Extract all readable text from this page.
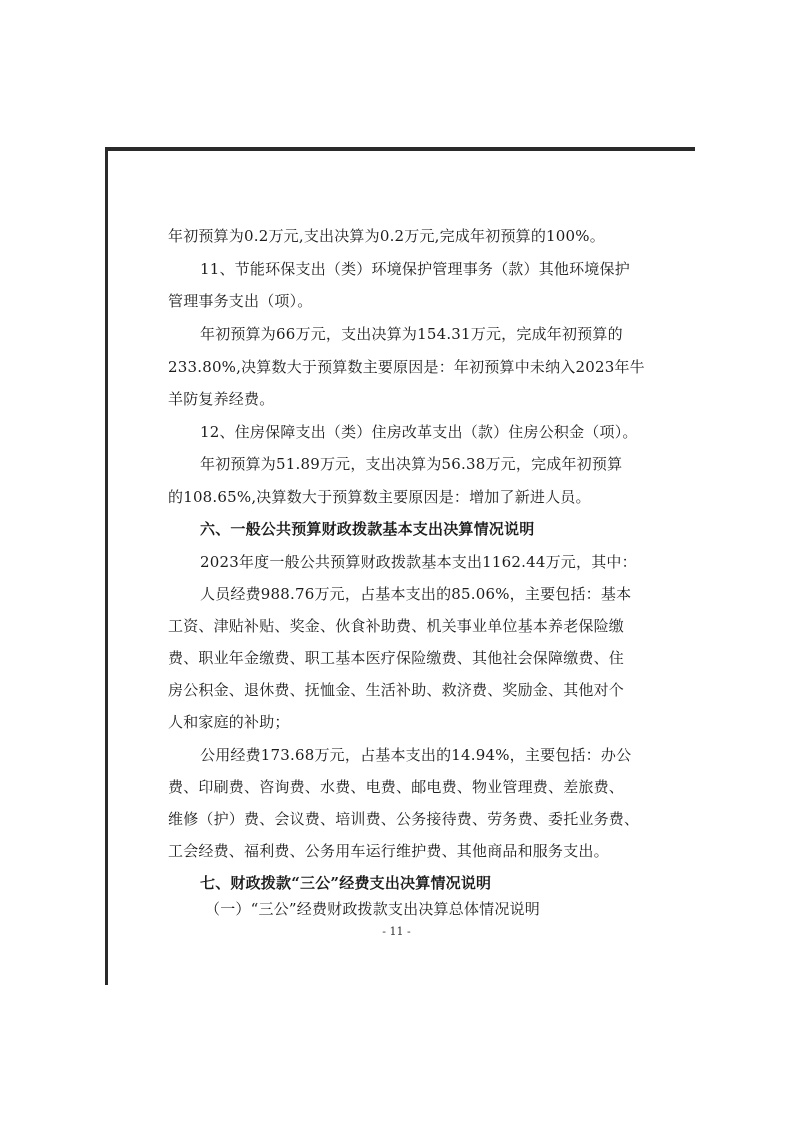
年初预算为0.2万元,支出决算为0.2万元,完成年初预算的100%。
11、节能环保支出（类）环境保护管理事务（款）其他环境保护
管理事务支出（项）。
年初预算为66万元，支出决算为154.31万元，完成年初预算的
233.80%,决算数大于预算数主要原因是：年初预算中未纳入2023年牛
羊防复养经费。
12、住房保障支出（类）住房改革支出（款）住房公积金（项）。
年初预算为51.89万元，支出决算为56.38万元，完成年初预算
的108.65%,决算数大于预算数主要原因是：增加了新进人员。
六、一般公共预算财政拨款基本支出决算情况说明
2023年度一般公共预算财政拨款基本支出1162.44万元，其中：
人员经费988.76万元，占基本支出的85.06%，主要包括：基本
工资、津贴补贴、奖金、伙食补助费、机关事业单位基本养老保险缴
费、职业年金缴费、职工基本医疗保险缴费、其他社会保障缴费、住
房公积金、退休费、抚恤金、生活补助、救济费、奖励金、其他对个
人和家庭的补助；
公用经费173.68万元，占基本支出的14.94%，主要包括：办公
费、印刷费、咨询费、水费、电费、邮电费、物业管理费、差旅费、
维修（护）费、会议费、培训费、公务接待费、劳务费、委托业务费、
工会经费、福利费、公务用车运行维护费、其他商品和服务支出。
七、财政拨款“三公”经费支出决算情况说明
（一）“三公”经费财政拨款支出决算总体情况说明
- 11 -
